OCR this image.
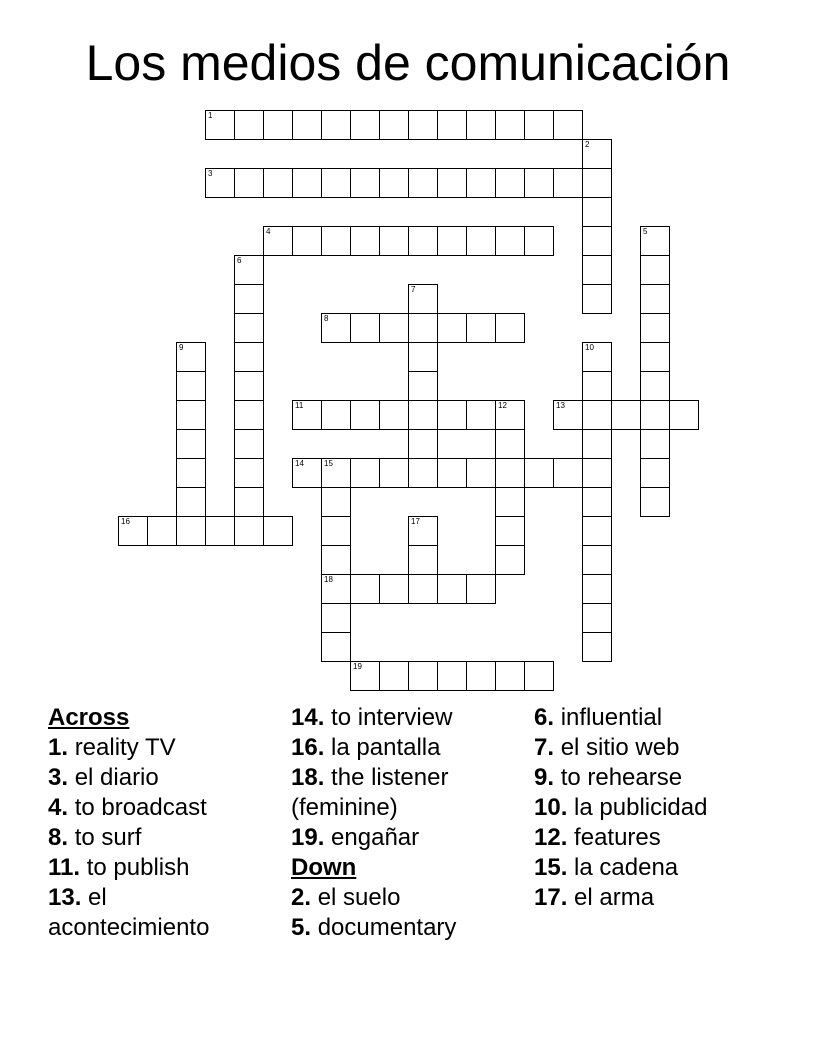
Los medios de comunicación
1
3
4
8
11	12	13
14	15
16
18
19
2
5
6
7
9	10
17

Across

1. reality TV

3. el diario

4. to broadcast

8. to surf

11. to publish

13. el acontecimiento

14. to interview

16. la pantalla

18. the listener (feminine)

19. engañar

Down

2. el suelo

5. documentary

6. influential

7. el sitio web

9. to rehearse

10. la publicidad

12. features

15. la cadena

17. el arma
